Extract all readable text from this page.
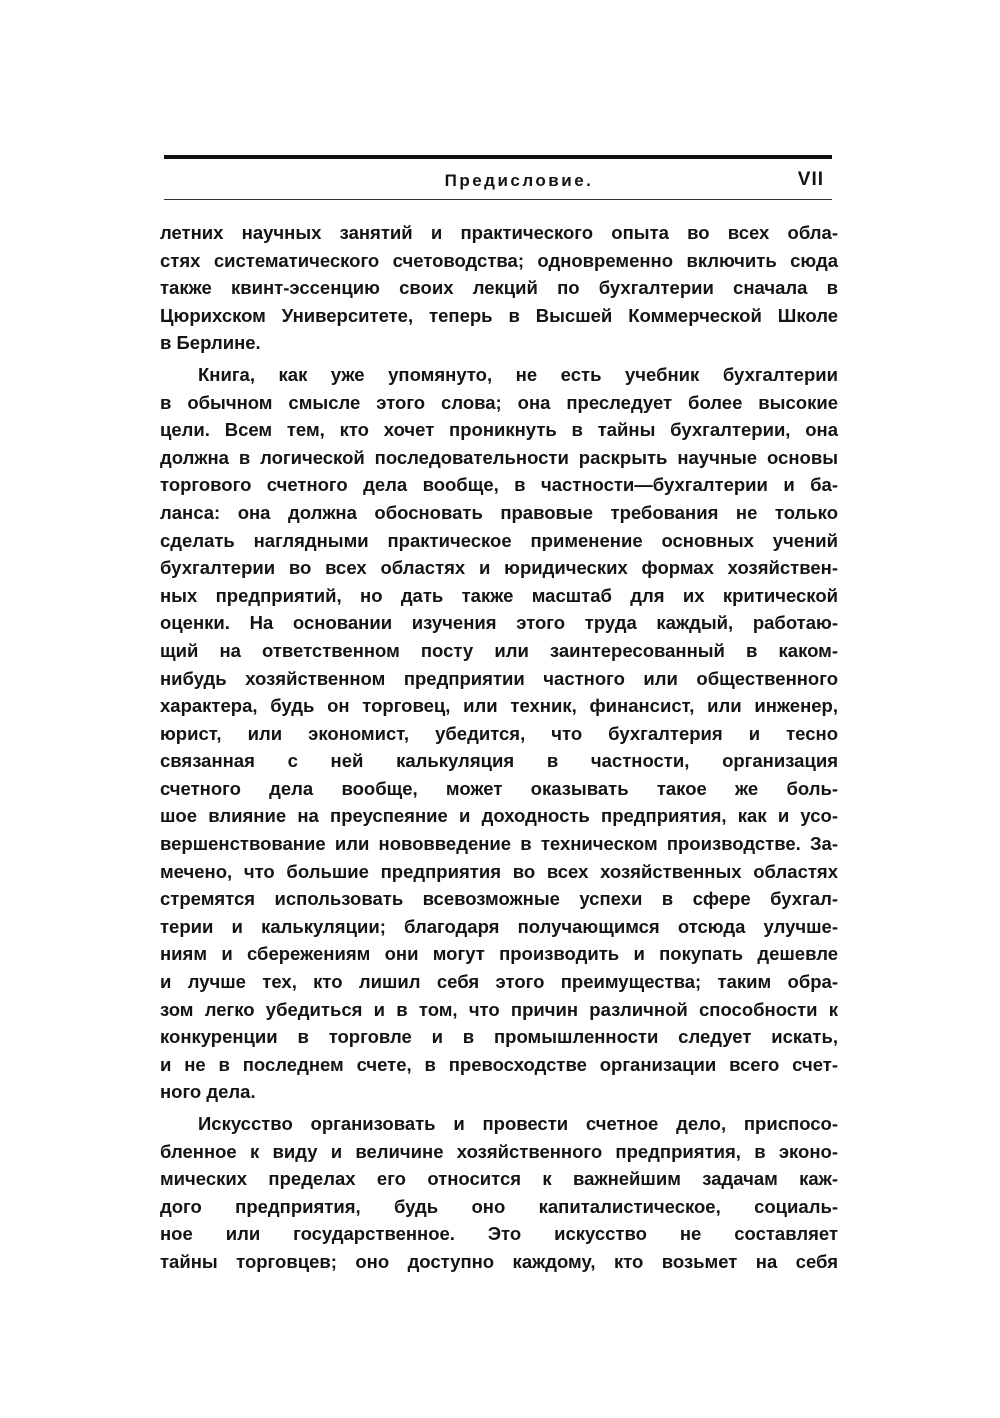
Предисловие.	VII
летних научных занятий и практического опыта во всех обла-
стях систематического счетоводства; одновременно включить сюда
также квинт-эссенцию своих лекций по бухгалтерии сначала в
Цюрихском Университете, теперь в Высшей Коммерческой Школе
в Берлине.
Книга, как уже упомянуто, не есть учебник бухгалтерии
в обычном смысле этого слова; она преследует более высокие
цели. Всем тем, кто хочет проникнуть в тайны бухгалтерии, она
должна в логической последовательности раскрыть научные основы
торгового счетного дела вообще, в частности—бухгалтерии и ба-
ланса: она должна обосновать правовые требования не только
сделать наглядными практическое применение основных учений
бухгалтерии во всех областях и юридических формах хозяйствен-
ных предприятий, но дать также масштаб для их критической
оценки. На основании изучения этого труда каждый, работаю-
щий на ответственном посту или заинтересованный в каком-
нибудь хозяйственном предприятии частного или общественного
характера, будь он торговец, или техник, финансист, или инженер,
юрист, или экономист, убедится, что бухгалтерия и тесно
связанная с ней калькуляция в частности, организация
счетного дела вообще, может оказывать такое же боль-
шое влияние на преуспеяние и доходность предприятия, как и усо-
вершенствование или нововведение в техническом производстве. За-
мечено, что большие предприятия во всех хозяйственных областях
стремятся использовать всевозможные успехи в сфере бухгал-
терии и калькуляции; благодаря получающимся отсюда улучше-
ниям и сбережениям они могут производить и покупать дешевле
и лучше тех, кто лишил себя этого преимущества; таким обра-
зом легко убедиться и в том, что причин различной способности к
конкуренции в торговле и в промышленности следует искать,
и не в последнем счете, в превосходстве организации всего счет-
ного дела.
Искусство организовать и провести счетное дело, приспосо-
бленное к виду и величине хозяйственного предприятия, в эконо-
мических пределах его относится к важнейшим задачам каж-
дого предприятия, будь оно капиталистическое, социаль-
ное или государственное. Это искусство не составляет
тайны торговцев; оно доступно каждому, кто возьмет на себя
